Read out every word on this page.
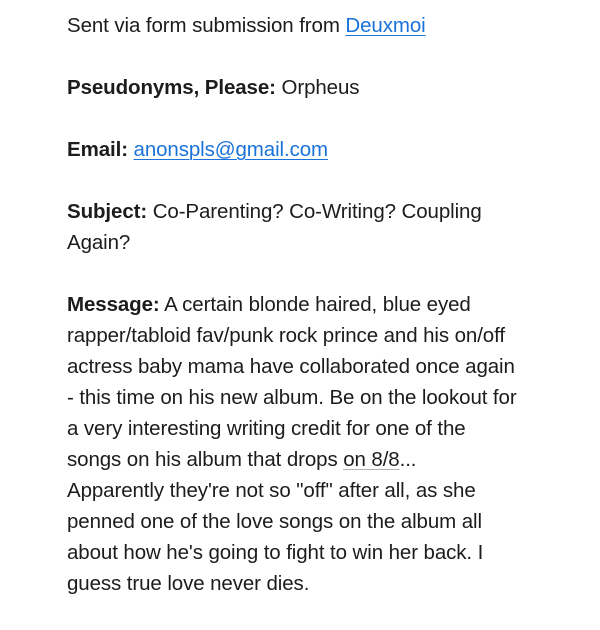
Sent via form submission from Deuxmoi

Pseudonyms, Please: Orpheus

Email: anonspls@gmail.com

Subject: Co-Parenting? Co-Writing? Coupling
Again?

Message: A certain blonde haired, blue eyed
rapper/tabloid fav/punk rock prince and his on/off
actress baby mama have collaborated once again
- this time on his new album. Be on the lookout for
a very interesting writing credit for one of the
songs on his album that drops on 8/8...
Apparently they're not so "off" after all, as she
penned one of the love songs on the album all
about how he's going to fight to win her back. I
guess true love never dies.
